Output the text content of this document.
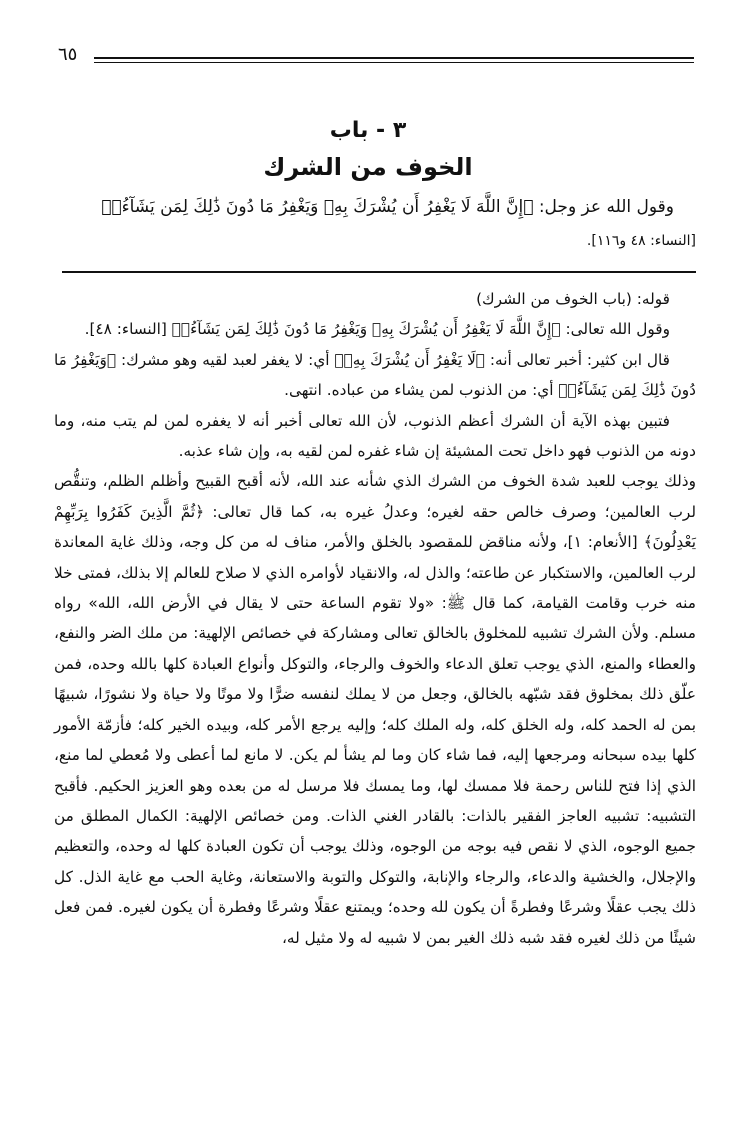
٦٥
٣ - باب
الخوف من الشرك
وقول الله عز وجل: ﴿إِنَّ اللَّهَ لَا يَغْفِرُ أَن يُشْرَكَ بِهِۦ وَيَغْفِرُ مَا دُونَ ذَٰلِكَ لِمَن يَشَآءُۚ﴾
[النساء: ٤٨ و١١٦].

قوله: (باب الخوف من الشرك)

وقول الله تعالى: ﴿إِنَّ اللَّهَ لَا يَغْفِرُ أَن يُشْرَكَ بِهِۦ وَيَغْفِرُ مَا دُونَ ذَٰلِكَ لِمَن يَشَآءُۚ﴾ [النساء: ٤٨].

قال ابن كثير: أخبر تعالى أنه: ﴿لَا يَغْفِرُ أَن يُشْرَكَ بِهِۦ﴾ أي: لا يغفر لعبد لقيه وهو مشرك: ﴿وَيَغْفِرُ مَا دُونَ ذَٰلِكَ لِمَن يَشَآءُۚ﴾ أي: من الذنوب لمن يشاء من عباده. انتهى.

فتبين بهذه الآية أن الشرك أعظم الذنوب، لأن الله تعالى أخبر أنه لا يغفره لمن لم يتب منه، وما دونه من الذنوب فهو داخل تحت المشيئة إن شاء غفره لمن لقيه به، وإن شاء عذبه.

وذلك يوجب للعبد شدة الخوف من الشرك الذي شأنه عند الله، لأنه أقبح القبيح وأظلم الظلم، وتنقُّص لرب العالمين؛ وصرف خالص حقه لغيره؛ وعدلُ غيره به، كما قال تعالى: ﴿ثُمَّ الَّذِينَ كَفَرُوا بِرَبِّهِمْ يَعْدِلُونَ﴾ [الأنعام: ١]، ولأنه مناقض للمقصود بالخلق والأمر، مناف له من كل وجه، وذلك غاية المعاندة لرب العالمين، والاستكبار عن طاعته؛ والذل له، والانقياد لأوامره الذي لا صلاح للعالم إلا بذلك، فمتى خلا منه خرب وقامت القيامة، كما قال ﷺ: «ولا تقوم الساعة حتى لا يقال في الأرض الله، الله» رواه مسلم. ولأن الشرك تشبيه للمخلوق بالخالق تعالى ومشاركة في خصائص الإلهية: من ملك الضر والنفع، والعطاء والمنع، الذي يوجب تعلق الدعاء والخوف والرجاء، والتوكل وأنواع العبادة كلها بالله وحده، فمن علّق ذلك بمخلوق فقد شبّهه بالخالق، وجعل من لا يملك لنفسه ضرًّا ولا موتًا ولا حياة ولا نشورًا، شبيهًا بمن له الحمد كله، وله الخلق كله، وله الملك كله؛ وإليه يرجع الأمر كله، وبيده الخير كله؛ فأزمّة الأمور كلها بيده سبحانه ومرجعها إليه، فما شاء كان وما لم يشأ لم يكن. لا مانع لما أعطى ولا مُعطي لما منع، الذي إذا فتح للناس رحمة فلا ممسك لها، وما يمسك فلا مرسل له من بعده وهو العزيز الحكيم. فأقبح التشبيه: تشبيه العاجز الفقير بالذات: بالقادر الغني الذات. ومن خصائص الإلهية: الكمال المطلق من جميع الوجوه، الذي لا نقص فيه بوجه من الوجوه، وذلك يوجب أن تكون العبادة كلها له وحده، والتعظيم والإجلال، والخشية والدعاء، والرجاء والإنابة، والتوكل والتوبة والاستعانة، وغاية الحب مع غاية الذل. كل ذلك يجب عقلًا وشرعًا وفطرةً أن يكون لله وحده؛ ويمتنع عقلًا وشرعًا وفطرة أن يكون لغيره. فمن فعل شيئًا من ذلك لغيره فقد شبه ذلك الغير بمن لا شبيه له ولا مثيل له،
